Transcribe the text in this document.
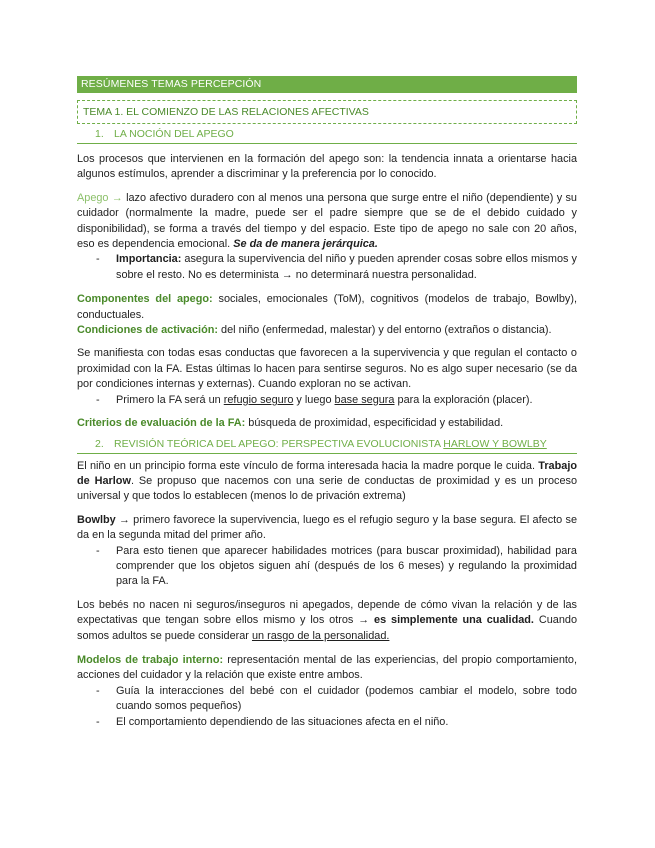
RESÚMENES TEMAS PERCEPCIÓN
TEMA 1. EL COMIENZO DE LAS RELACIONES AFECTIVAS
1. LA NOCIÓN DEL APEGO

Los procesos que intervienen en la formación del apego son: la tendencia innata a orientarse hacia algunos estímulos, aprender a discriminar y la preferencia por lo conocido.

Apego → lazo afectivo duradero con al menos una persona que surge entre el niño (dependiente) y su cuidador (normalmente la madre, puede ser el padre siempre que se de el debido cuidado y disponibilidad), se forma a través del tiempo y del espacio. Este tipo de apego no sale con 20 años, eso es dependencia emocional. Se da de manera jerárquica.

- Importancia: asegura la supervivencia del niño y pueden aprender cosas sobre ellos mismos y sobre el resto. No es determinista → no determinará nuestra personalidad.

Componentes del apego: sociales, emocionales (ToM), cognitivos (modelos de trabajo, Bowlby), conductuales.

Condiciones de activación: del niño (enfermedad, malestar) y del entorno (extraños o distancia).

Se manifiesta con todas esas conductas que favorecen a la supervivencia y que regulan el contacto o proximidad con la FA. Estas últimas lo hacen para sentirse seguros. No es algo super necesario (se da por condiciones internas y externas). Cuando exploran no se activan.

- Primero la FA será un refugio seguro y luego base segura para la exploración (placer).

Criterios de evaluación de la FA: búsqueda de proximidad, especificidad y estabilidad.

2. REVISIÓN TEÓRICA DEL APEGO: PERSPECTIVA EVOLUCIONISTA HARLOW Y BOWLBY

El niño en un principio forma este vínculo de forma interesada hacia la madre porque le cuida. Trabajo de Harlow. Se propuso que nacemos con una serie de conductas de proximidad y es un proceso universal y que todos lo establecen (menos lo de privación extrema)

Bowlby → primero favorece la supervivencia, luego es el refugio seguro y la base segura. El afecto se da en la segunda mitad del primer año.

- Para esto tienen que aparecer habilidades motrices (para buscar proximidad), habilidad para comprender que los objetos siguen ahí (después de los 6 meses) y regulando la proximidad para la FA.

Los bebés no nacen ni seguros/inseguros ni apegados, depende de cómo vivan la relación y de las expectativas que tengan sobre ellos mismo y los otros → es simplemente una cualidad. Cuando somos adultos se puede considerar un rasgo de la personalidad.

Modelos de trabajo interno: representación mental de las experiencias, del propio comportamiento, acciones del cuidador y la relación que existe entre ambos.

- Guía la interacciones del bebé con el cuidador (podemos cambiar el modelo, sobre todo cuando somos pequeños)
- El comportamiento dependiendo de las situaciones afecta en el niño.
